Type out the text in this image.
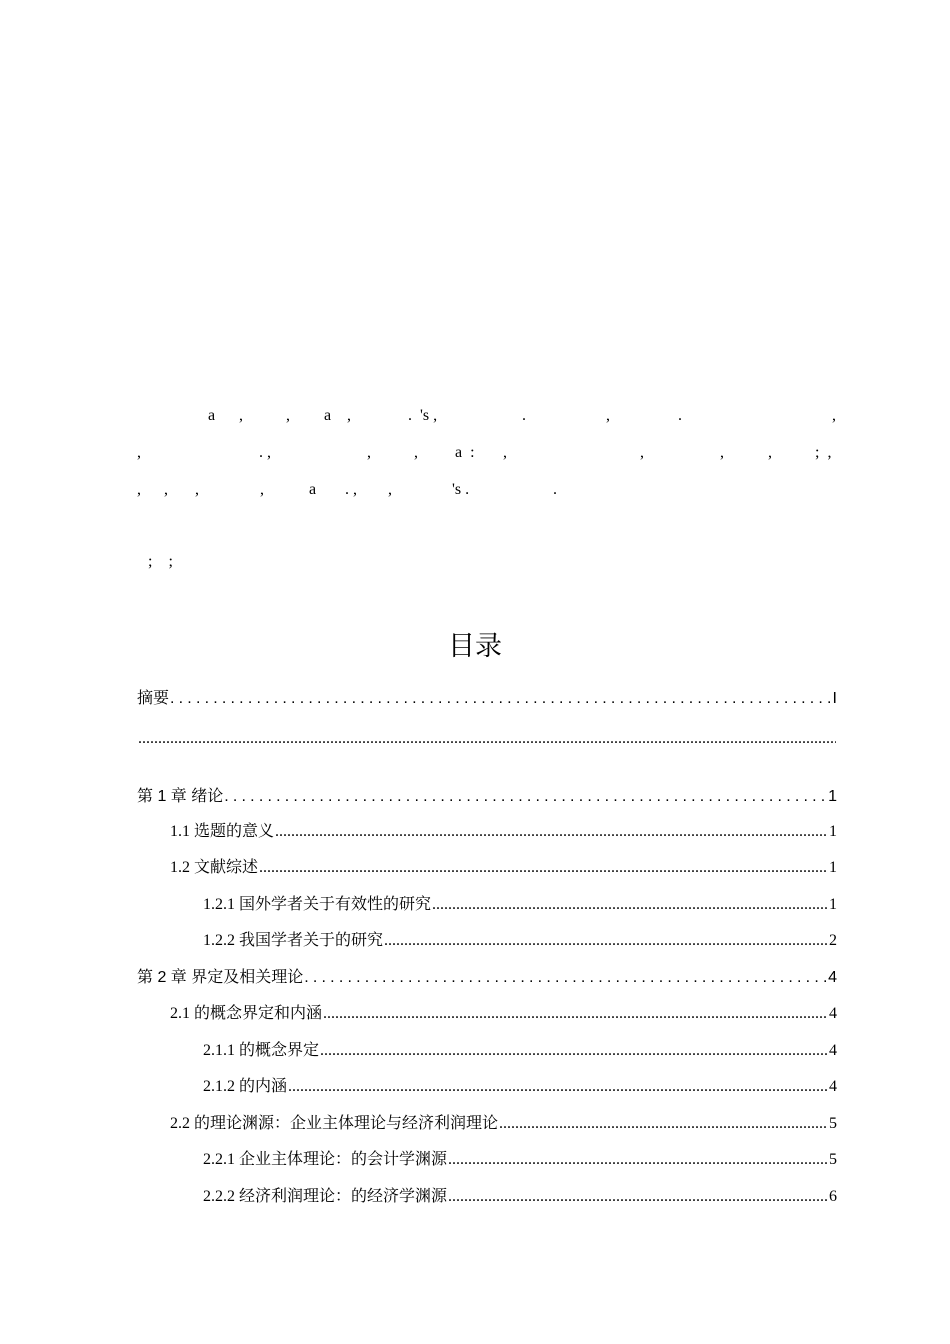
a ,	, a ,	.  's ,	.	,	.	,
,	. ,	,	, a  : ,	,	,	,	;  ,
, , ,	,	a . , ,	's .	.
;    ;
目录
摘要 .....	I
.....
第 1 章 绪论 .....	1
1.1 选题的意义 .....	1
1.2 文献综述 .....	1
1.2.1 国外学者关于有效性的研究 .....	1
1.2.2 我国学者关于的研究 .....	2
第 2 章 界定及相关理论 .....	4
2.1 的概念界定和内涵 .....	4
2.1.1 的概念界定 .....	4
2.1.2 的内涵 .....	4
2.2 的理论渊源：企业主体理论与经济利润理论 .....	5
2.2.1 企业主体理论：的会计学渊源 .....	5
2.2.2 经济利润理论：的经济学渊源 .....	6
